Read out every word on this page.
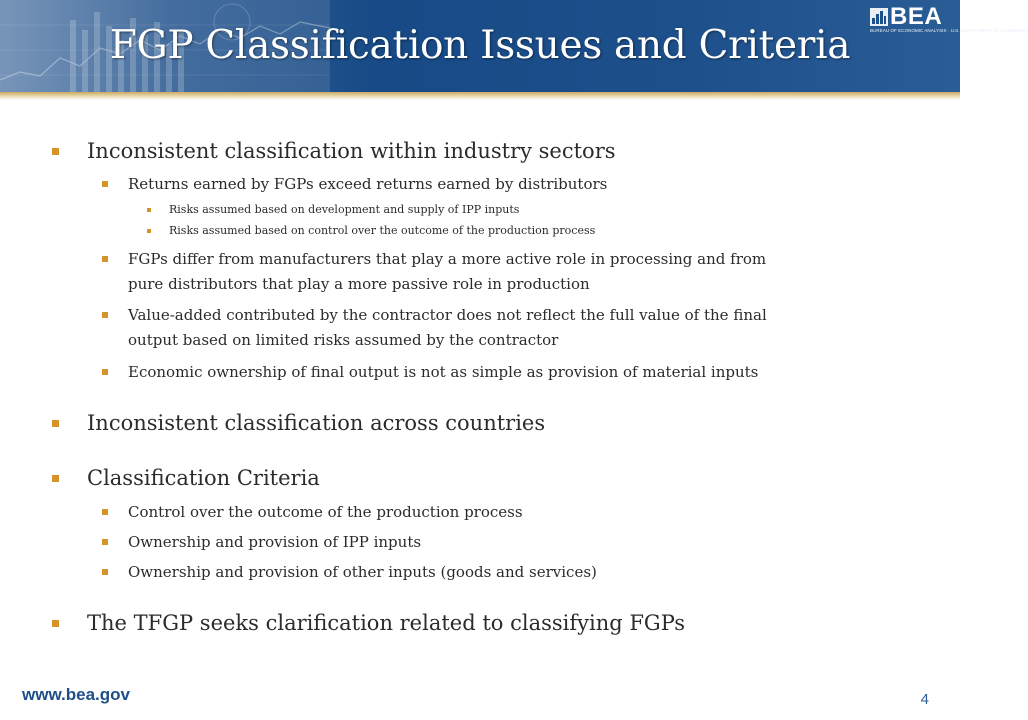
FGP Classification Issues and Criteria
BEA
BUREAU OF ECONOMIC ANALYSIS · U.S. DEPARTMENT OF COMMERCE
Inconsistent classification within industry sectors
Returns earned by FGPs exceed returns earned by distributors
Risks assumed based on development and supply of IPP inputs
Risks assumed based on control over the outcome of the production process
FGPs differ from manufacturers that play a more active role in processing and from
pure distributors that play a more passive role in production
Value-added contributed by the contractor does not reflect the full value of the final
output based on limited risks assumed by the contractor
Economic ownership of final output is not as simple as provision of material inputs
Inconsistent classification across countries
Classification Criteria
Control over the outcome of the production process
Ownership and provision of IPP inputs
Ownership and provision of other inputs (goods and services)
The TFGP seeks clarification related to classifying FGPs
www.bea.gov	4
